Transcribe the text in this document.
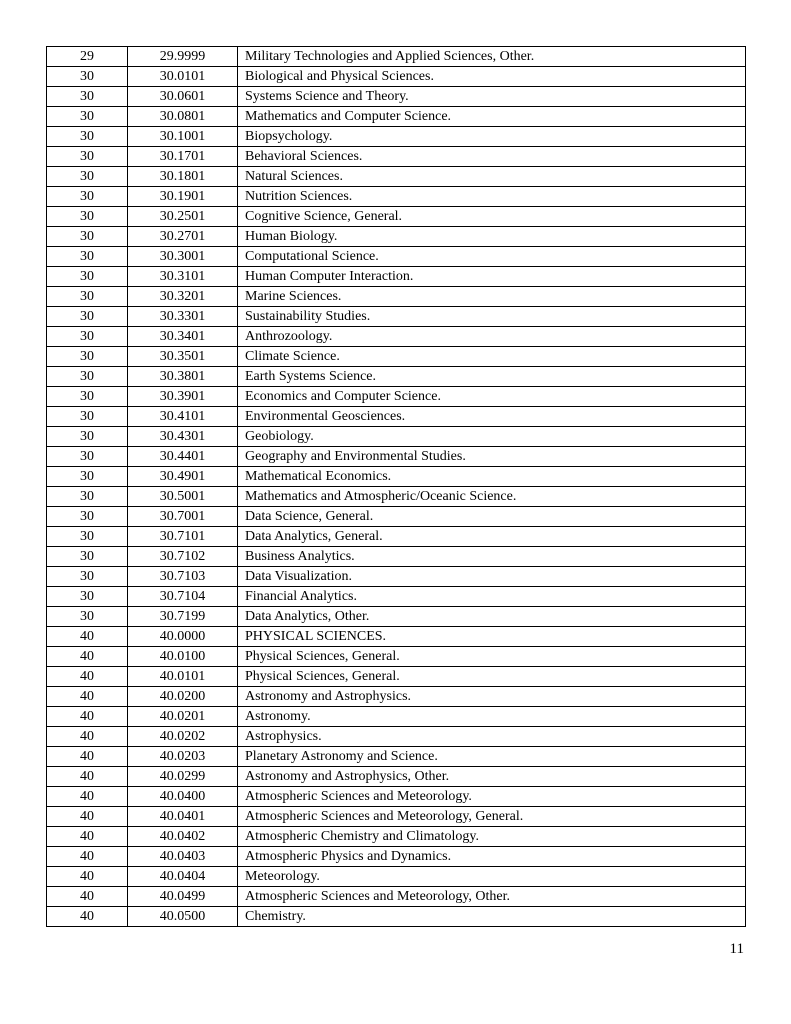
29	29.9999	Military Technologies and Applied Sciences, Other.
30	30.0101	Biological and Physical Sciences.
30	30.0601	Systems Science and Theory.
30	30.0801	Mathematics and Computer Science.
30	30.1001	Biopsychology.
30	30.1701	Behavioral Sciences.
30	30.1801	Natural Sciences.
30	30.1901	Nutrition Sciences.
30	30.2501	Cognitive Science, General.
30	30.2701	Human Biology.
30	30.3001	Computational Science.
30	30.3101	Human Computer Interaction.
30	30.3201	Marine Sciences.
30	30.3301	Sustainability Studies.
30	30.3401	Anthrozoology.
30	30.3501	Climate Science.
30	30.3801	Earth Systems Science.
30	30.3901	Economics and Computer Science.
30	30.4101	Environmental Geosciences.
30	30.4301	Geobiology.
30	30.4401	Geography and Environmental Studies.
30	30.4901	Mathematical Economics.
30	30.5001	Mathematics and Atmospheric/Oceanic Science.
30	30.7001	Data Science, General.
30	30.7101	Data Analytics, General.
30	30.7102	Business Analytics.
30	30.7103	Data Visualization.
30	30.7104	Financial Analytics.
30	30.7199	Data Analytics, Other.
40	40.0000	PHYSICAL SCIENCES.
40	40.0100	Physical Sciences, General.
40	40.0101	Physical Sciences, General.
40	40.0200	Astronomy and Astrophysics.
40	40.0201	Astronomy.
40	40.0202	Astrophysics.
40	40.0203	Planetary Astronomy and Science.
40	40.0299	Astronomy and Astrophysics, Other.
40	40.0400	Atmospheric Sciences and Meteorology.
40	40.0401	Atmospheric Sciences and Meteorology, General.
40	40.0402	Atmospheric Chemistry and Climatology.
40	40.0403	Atmospheric Physics and Dynamics.
40	40.0404	Meteorology.
40	40.0499	Atmospheric Sciences and Meteorology, Other.
40	40.0500	Chemistry.
11
